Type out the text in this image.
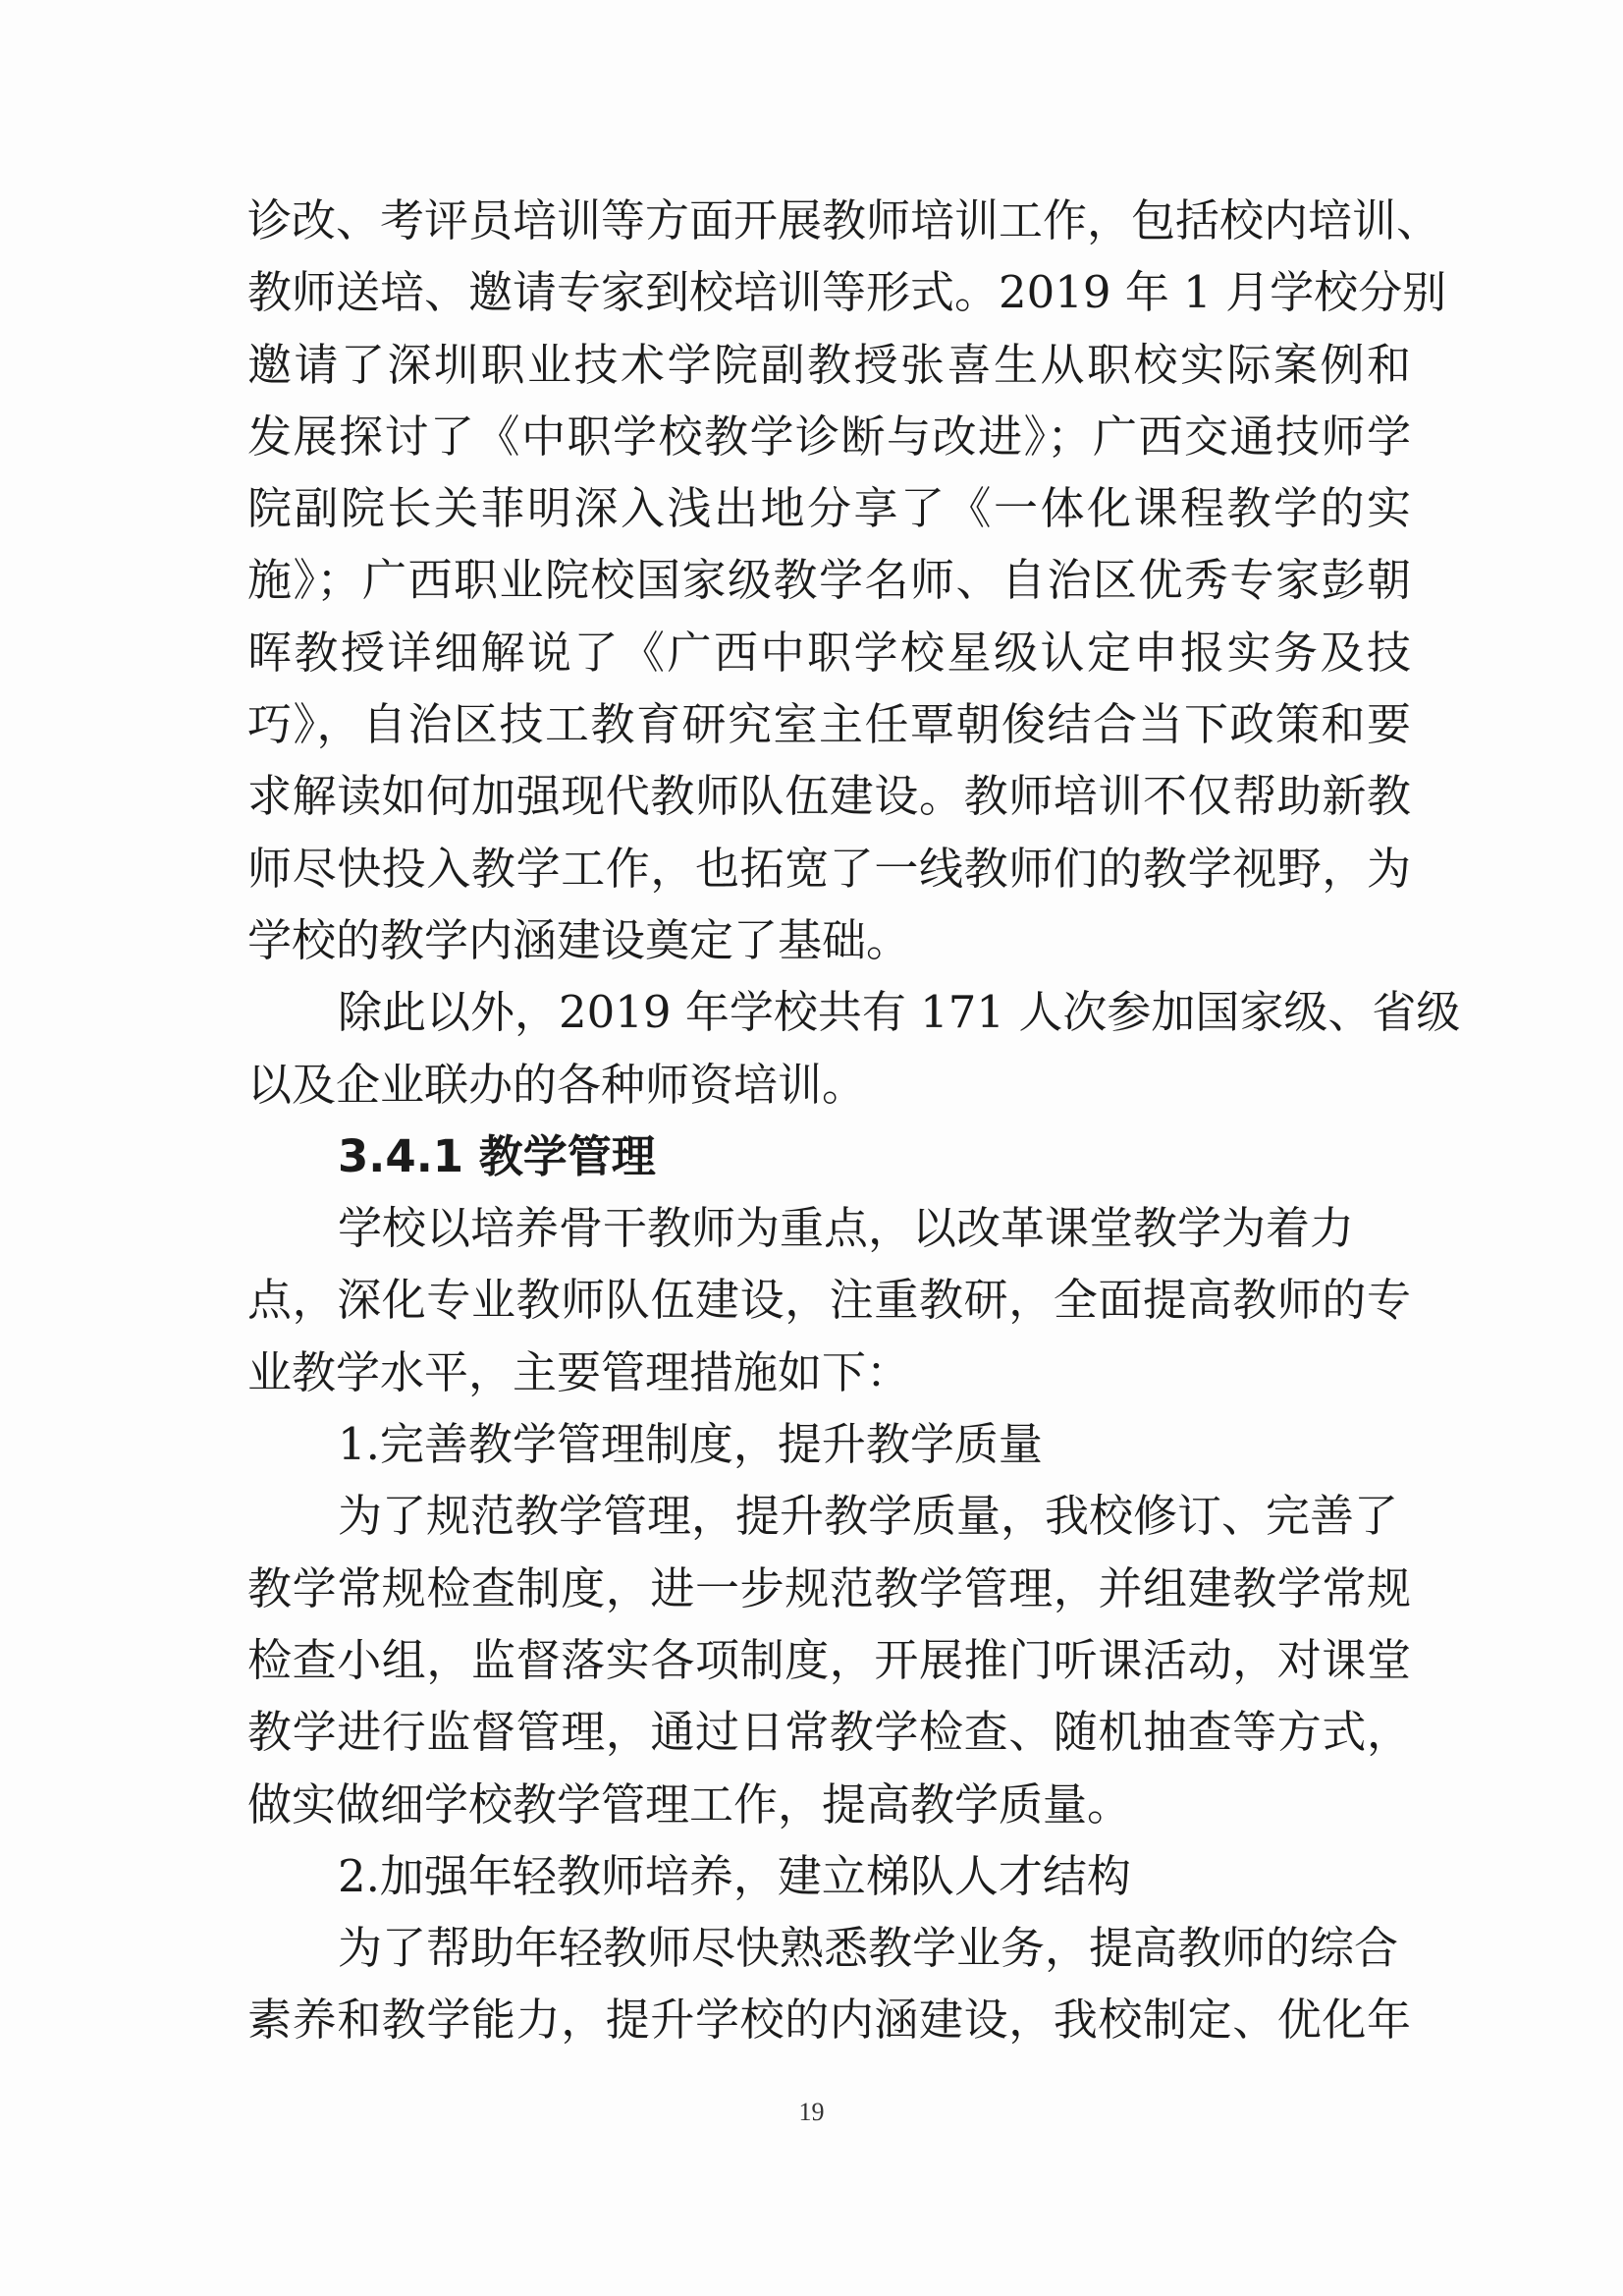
诊改、考评员培训等方面开展教师培训工作，包括校内培训、
教师送培、邀请专家到校培训等形式。2019 年 1 月学校分别
邀请了深圳职业技术学院副教授张喜生从职校实际案例和
发展探讨了《中职学校教学诊断与改进》；广西交通技师学
院副院长关菲明深入浅出地分享了《一体化课程教学的实
施》；广西职业院校国家级教学名师、自治区优秀专家彭朝
晖教授详细解说了《广西中职学校星级认定申报实务及技
巧》，自治区技工教育研究室主任覃朝俊结合当下政策和要
求解读如何加强现代教师队伍建设。教师培训不仅帮助新教
师尽快投入教学工作，也拓宽了一线教师们的教学视野，为
学校的教学内涵建设奠定了基础。
除此以外，2019 年学校共有 171 人次参加国家级、省级
以及企业联办的各种师资培训。
3.4.1 教学管理
学校以培养骨干教师为重点，以改革课堂教学为着力
点，深化专业教师队伍建设，注重教研，全面提高教师的专
业教学水平，主要管理措施如下：
1.完善教学管理制度，提升教学质量
为了规范教学管理，提升教学质量，我校修订、完善了
教学常规检查制度，进一步规范教学管理，并组建教学常规
检查小组，监督落实各项制度，开展推门听课活动，对课堂
教学进行监督管理，通过日常教学检查、随机抽查等方式，
做实做细学校教学管理工作，提高教学质量。
2.加强年轻教师培养，建立梯队人才结构
为了帮助年轻教师尽快熟悉教学业务，提高教师的综合
素养和教学能力，提升学校的内涵建设，我校制定、优化年
19
